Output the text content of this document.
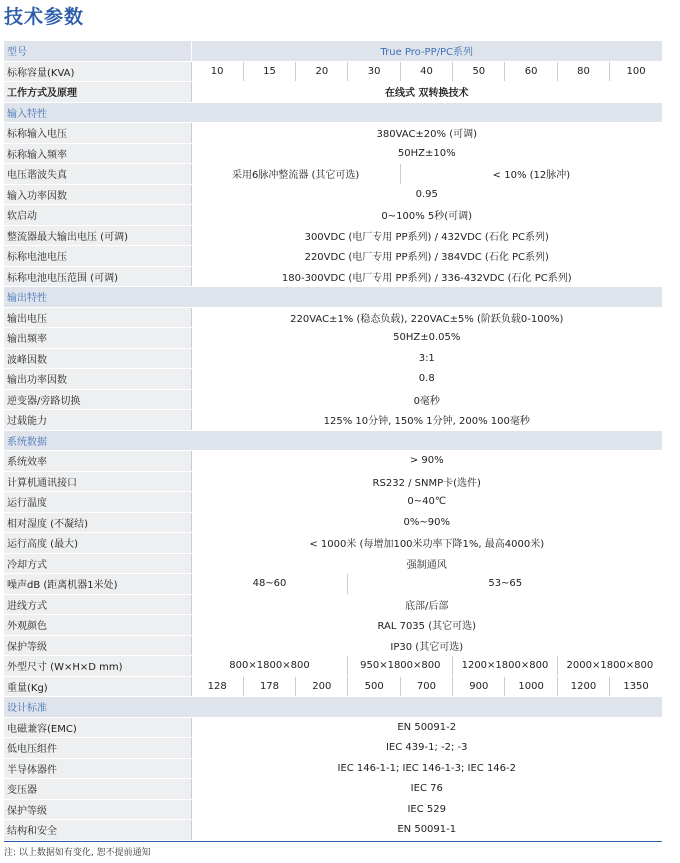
技术参数
型号	True Pro-PP/PC系列								
标称容量(KVA)	10	15	20	30	40	50	60	80	100
工作方式及原理	在线式 双转换技术								
输入特性									
标称输入电压	380VAC±20% (可调)								
标称输入频率	50HZ±10%								
电压谐波失真	采用6脉冲整流器 (其它可选)				< 10% (12脉冲)				
输入功率因数	0.95								
软启动	0~100% 5秒(可调)								
整流器最大输出电压 (可调)	300VDC (电厂专用 PP系列) / 432VDC (石化 PC系列)								
标称电池电压	220VDC (电厂专用 PP系列) / 384VDC (石化 PC系列)								
标称电池电压范围 (可调)	180-300VDC (电厂专用 PP系列) / 336-432VDC (石化 PC系列)								
输出特性									
输出电压	220VAC±1% (稳态负载), 220VAC±5% (阶跃负载0-100%)								
输出频率	50HZ±0.05%								
波峰因数	3:1								
输出功率因数	0.8								
逆变器/旁路切换	0毫秒								
过载能力	125% 10分钟, 150% 1分钟, 200% 100毫秒								
系统数据									
系统效率	> 90%								
计算机通讯接口	RS232 / SNMP卡(选件)								
运行温度	0~40℃								
相对湿度 (不凝结)	0%~90%								
运行高度 (最大)	< 1000米 (每增加100米功率下降1%, 最高4000米)								
冷却方式	强制通风								
噪声dB (距离机器1米处)	48~60			53~65					
进线方式	底部/后部								
外观颜色	RAL 7035 (其它可选)								
保护等级	IP30 (其它可选)								
外型尺寸 (W×H×D mm)	800×1800×800			950×1800×800		1200×1800×800		2000×1800×800	
重量(Kg)	128	178	200	500	700	900	1000	1200	1350
设计标准									
电磁兼容(EMC)	EN 50091-2								
低电压组件	IEC 439-1; -2; -3								
半导体器件	IEC 146-1-1; IEC 146-1-3; IEC 146-2								
变压器	IEC 76								
保护等级	IEC 529								
结构和安全	EN 50091-1								
注: 以上数据如有变化, 恕不提前通知
